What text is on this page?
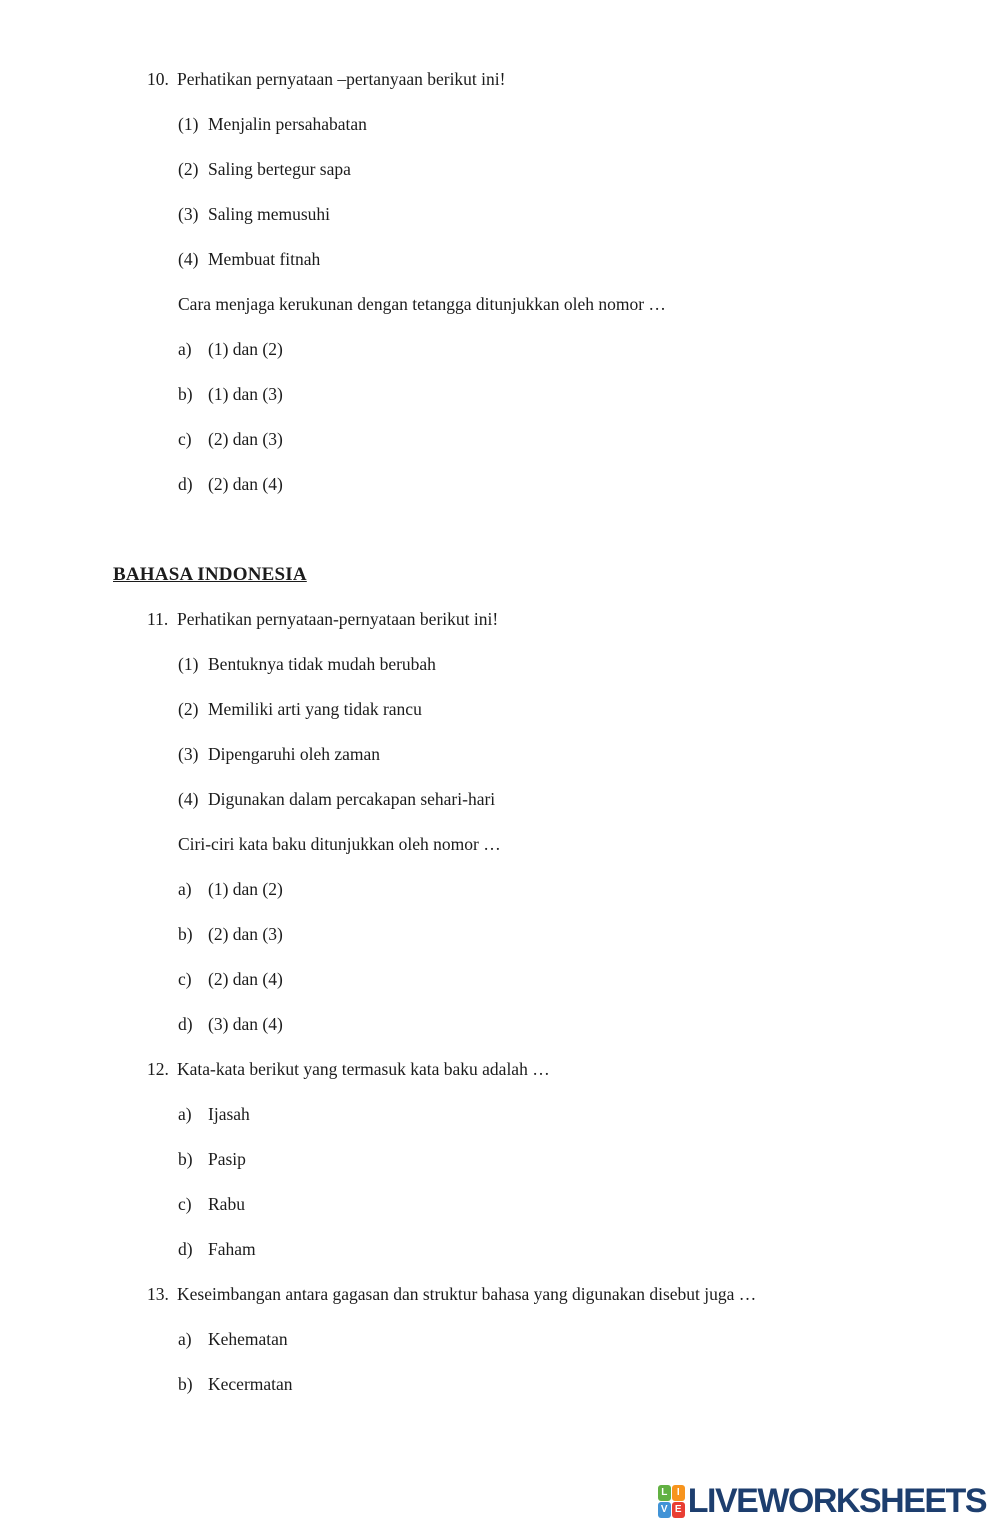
10. Perhatikan pernyataan –pertanyaan berikut ini!
(1) Menjalin persahabatan
(2) Saling bertegur sapa
(3) Saling memusuhi
(4) Membuat fitnah
Cara menjaga kerukunan dengan tetangga ditunjukkan oleh nomor …
a) (1) dan (2)
b) (1) dan (3)
c) (2) dan (3)
d) (2) dan (4)
BAHASA INDONESIA
11. Perhatikan pernyataan-pernyataan berikut ini!
(1) Bentuknya tidak mudah berubah
(2) Memiliki arti yang tidak rancu
(3) Dipengaruhi oleh zaman
(4) Digunakan dalam percakapan sehari-hari
Ciri-ciri kata baku ditunjukkan oleh nomor …
a) (1) dan (2)
b) (2) dan (3)
c) (2) dan (4)
d) (3) dan (4)
12. Kata-kata berikut yang termasuk kata baku adalah …
a) Ijasah
b) Pasip
c) Rabu
d) Faham
13. Keseimbangan antara gagasan dan struktur bahasa yang digunakan disebut juga …
a) Kehematan
b) Kecermatan
L I
V E LIVEWORKSHEETS
